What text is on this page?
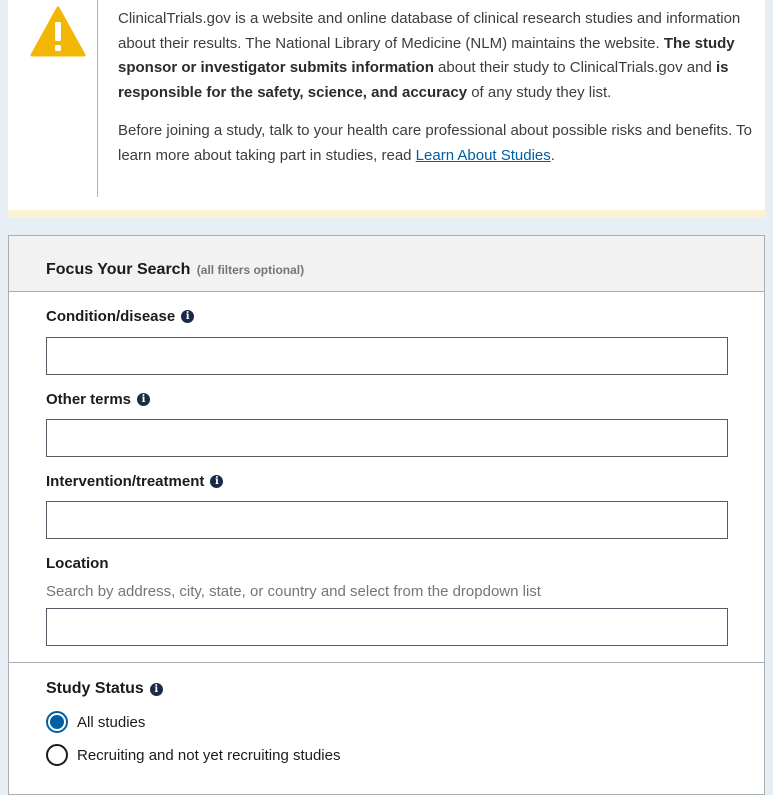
ClinicalTrials.gov is a website and online database of clinical research studies and information about their results. The National Library of Medicine (NLM) maintains the website. The study sponsor or investigator submits information about their study to ClinicalTrials.gov and is responsible for the safety, science, and accuracy of any study they list.

Before joining a study, talk to your health care professional about possible risks and benefits. To learn more about taking part in studies, read Learn About Studies.

Focus Your Search (all filters optional)
Condition/disease	i
Other terms	i
Intervention/treatment	i
Location
Search by address, city, state, or country and select from the dropdown list
Study Status	i
All studies
Recruiting and not yet recruiting studies
